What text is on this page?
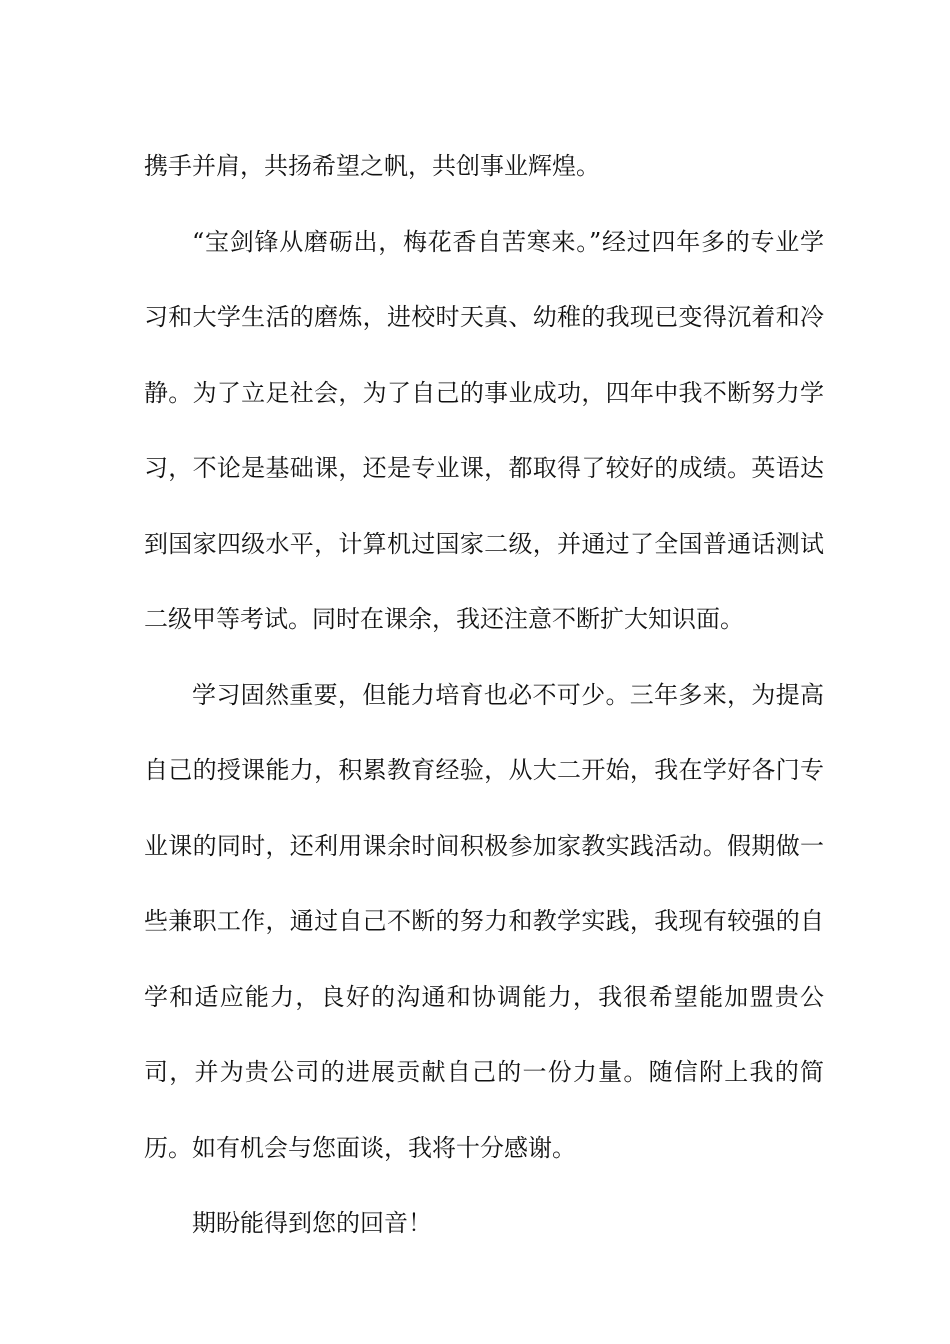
携手并肩，共扬希望之帆，共创事业辉煌。

“宝剑锋从磨砺出，梅花香自苦寒来。”经过四年多的专业学习和大学生活的磨炼，进校时天真、幼稚的我现已变得沉着和冷静。为了立足社会，为了自己的事业成功，四年中我不断努力学习，不论是基础课，还是专业课，都取得了较好的成绩。英语达到国家四级水平，计算机过国家二级，并通过了全国普通话测试二级甲等考试。同时在课余，我还注意不断扩大知识面。

学习固然重要，但能力培育也必不可少。三年多来，为提高自己的授课能力，积累教育经验，从大二开始，我在学好各门专业课的同时，还利用课余时间积极参加家教实践活动。假期做一些兼职工作，通过自己不断的努力和教学实践，我现有较强的自学和适应能力，良好的沟通和协调能力，我很希望能加盟贵公司，并为贵公司的进展贡献自己的一份力量。随信附上我的简历。如有机会与您面谈，我将十分感谢。

期盼能得到您的回音！
